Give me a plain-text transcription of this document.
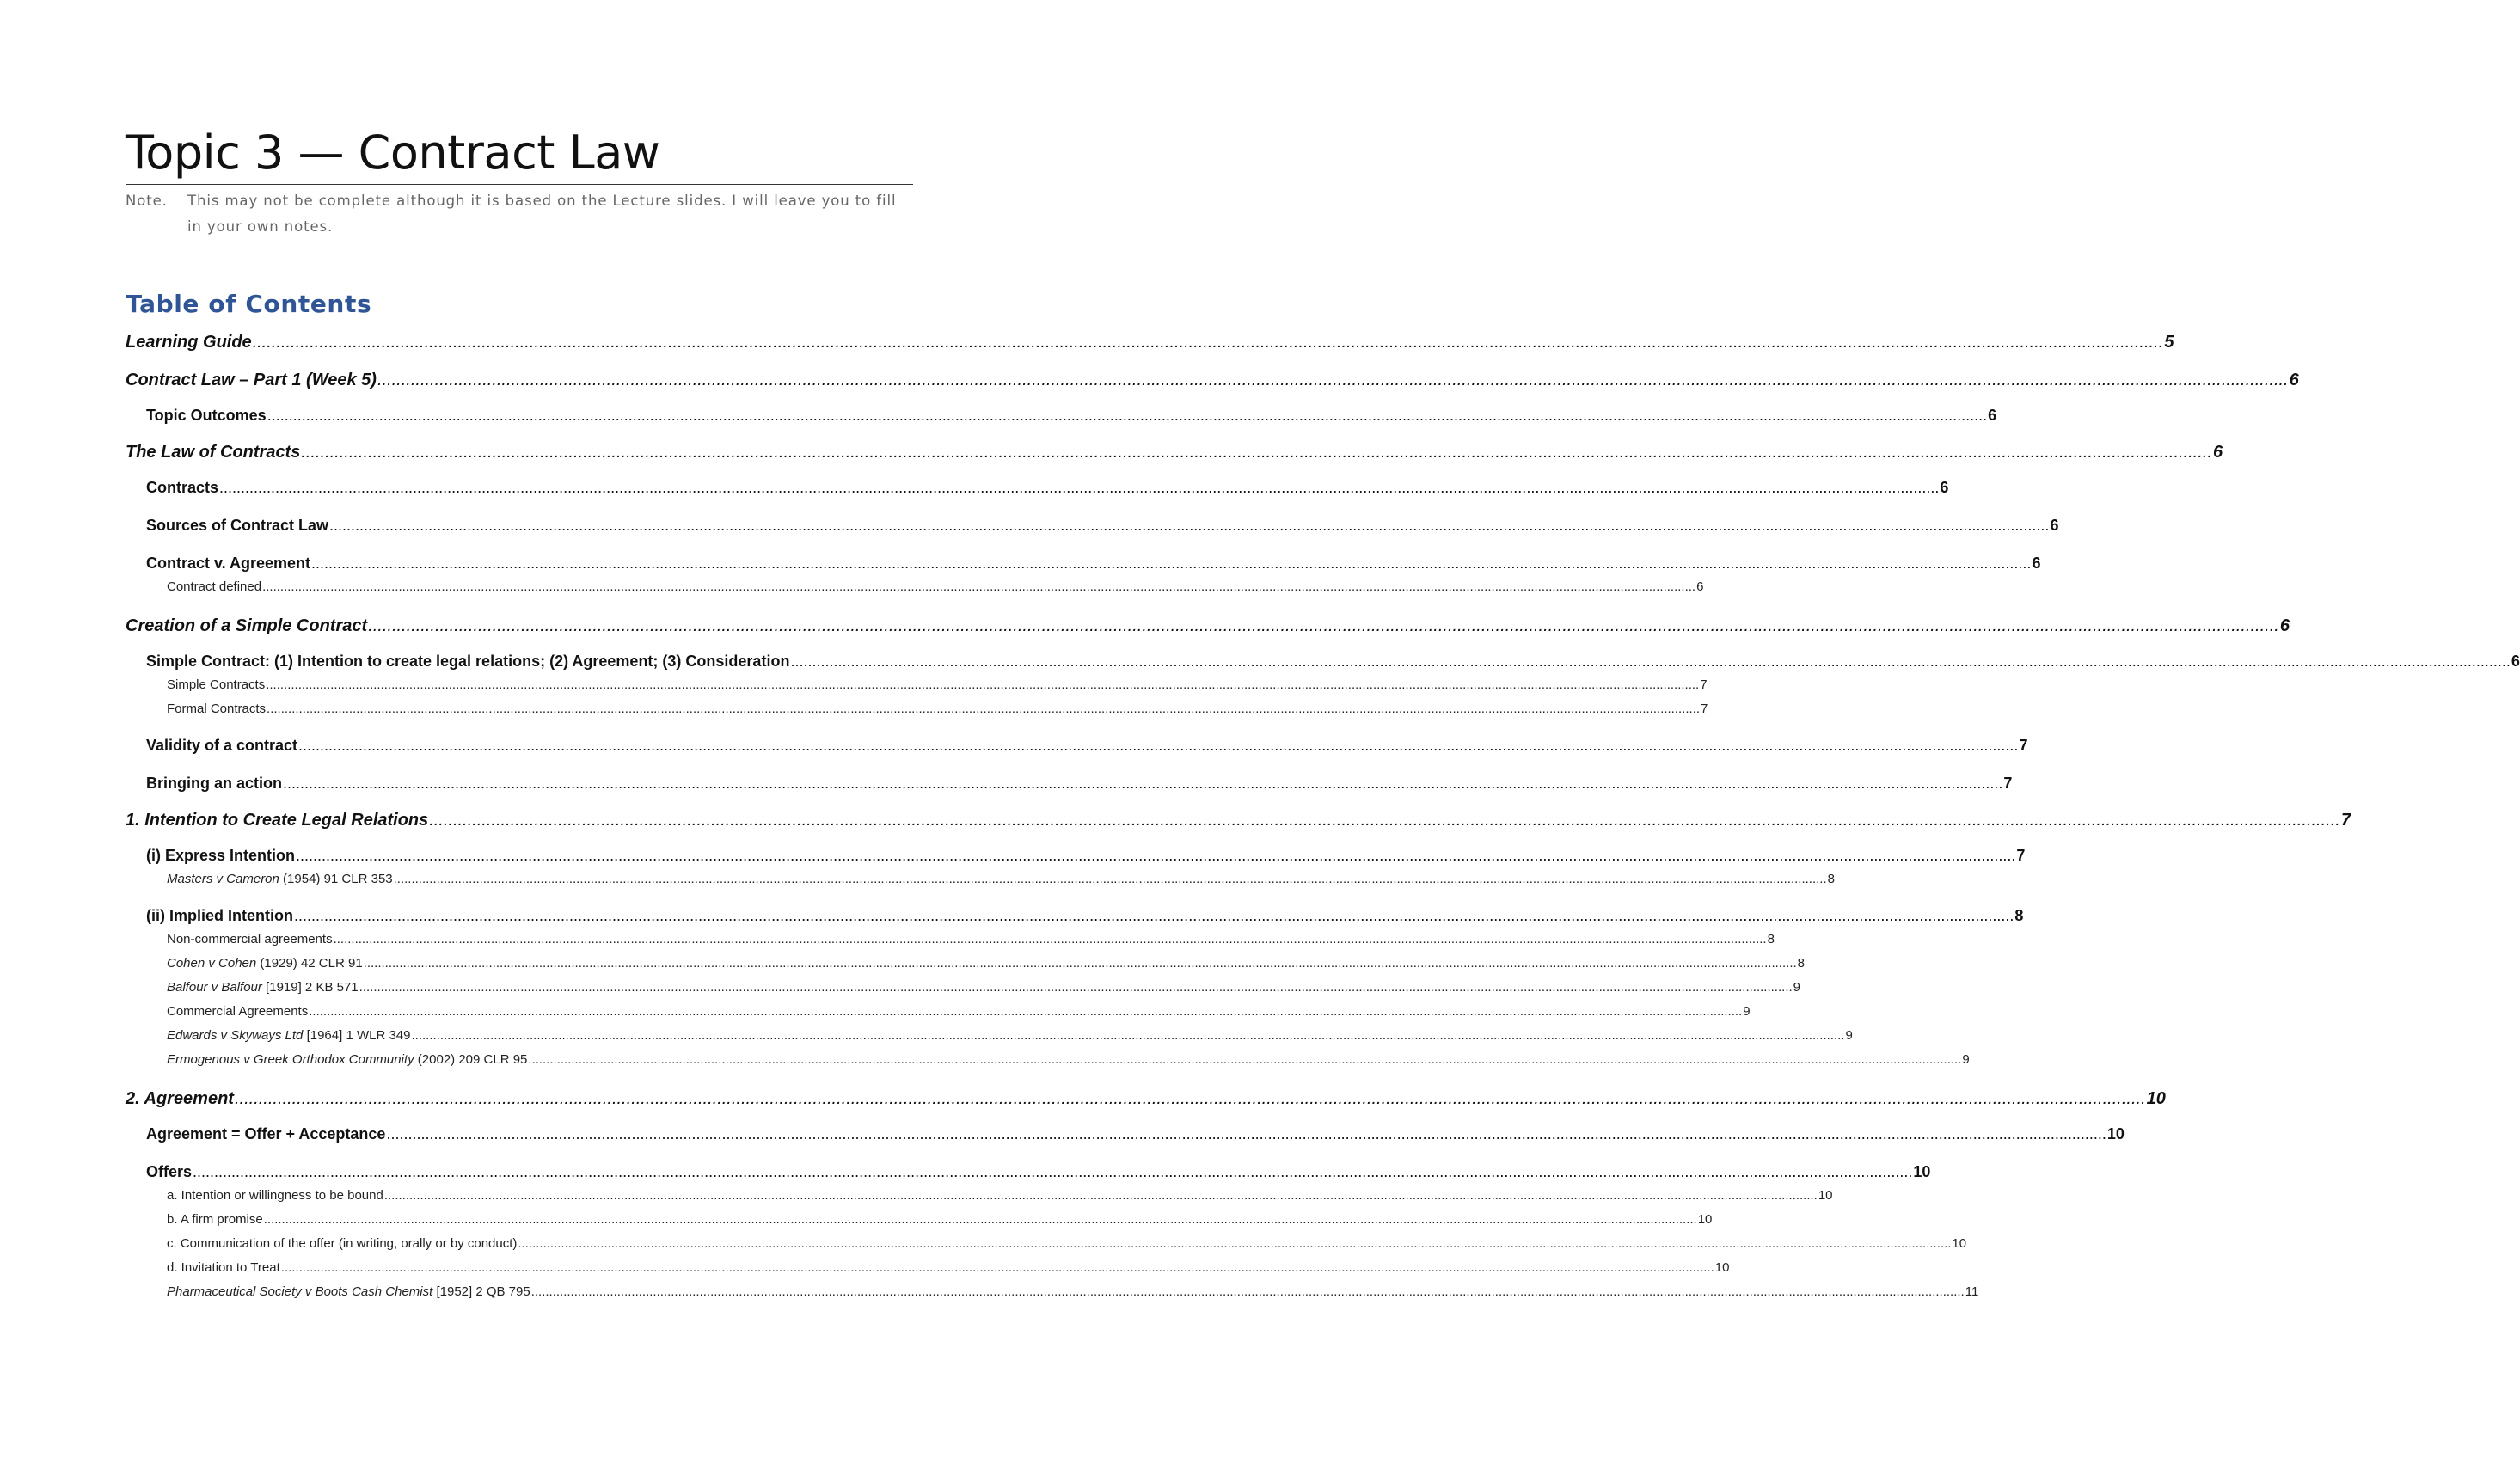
Topic 3 — Contract Law
Note.	This may not be complete although it is based on the Lecture slides. I will leave you to fill in your own notes.
Table of Contents
Learning Guide ................................................................................................................................................................................................................................................................................................................................................................................................................ 5
Contract Law – Part 1 (Week 5) ................................................................................................................................................................................................................................................................................................................................................................................................................ 6
Topic Outcomes ................................................................................................................................................................................................................................................................................................................................................................................................................ 6
The Law of Contracts ................................................................................................................................................................................................................................................................................................................................................................................................................ 6
Contracts ................................................................................................................................................................................................................................................................................................................................................................................................................ 6
Sources of Contract Law ................................................................................................................................................................................................................................................................................................................................................................................................................ 6
Contract v. Agreement ................................................................................................................................................................................................................................................................................................................................................................................................................ 6
Contract defined ................................................................................................................................................................................................................................................................................................................................................................................................................ 6
Creation of a Simple Contract ................................................................................................................................................................................................................................................................................................................................................................................................................ 6
Simple Contract: (1) Intention to create legal relations; (2) Agreement; (3) Consideration ................................................................................................................................................................................................................................................................................................................................................................................................................ 6
Simple Contracts ................................................................................................................................................................................................................................................................................................................................................................................................................ 7
Formal Contracts ................................................................................................................................................................................................................................................................................................................................................................................................................ 7
Validity of a contract ................................................................................................................................................................................................................................................................................................................................................................................................................ 7
Bringing an action ................................................................................................................................................................................................................................................................................................................................................................................................................ 7
1. Intention to Create Legal Relations ................................................................................................................................................................................................................................................................................................................................................................................................................ 7
(i) Express Intention ................................................................................................................................................................................................................................................................................................................................................................................................................ 7
Masters v Cameron (1954) 91 CLR 353 ................................................................................................................................................................................................................................................................................................................................................................................................................ 8
(ii) Implied Intention ................................................................................................................................................................................................................................................................................................................................................................................................................ 8
Non-commercial agreements ................................................................................................................................................................................................................................................................................................................................................................................................................ 8
Cohen v Cohen (1929) 42 CLR 91 ................................................................................................................................................................................................................................................................................................................................................................................................................ 8
Balfour v Balfour [1919] 2 KB 571 ................................................................................................................................................................................................................................................................................................................................................................................................................ 9
Commercial Agreements ................................................................................................................................................................................................................................................................................................................................................................................................................ 9
Edwards v Skyways Ltd [1964] 1 WLR 349 ................................................................................................................................................................................................................................................................................................................................................................................................................ 9
Ermogenous v Greek Orthodox Community (2002) 209 CLR 95 ................................................................................................................................................................................................................................................................................................................................................................................................................ 9
2. Agreement ................................................................................................................................................................................................................................................................................................................................................................................................................ 10
Agreement = Offer + Acceptance ................................................................................................................................................................................................................................................................................................................................................................................................................ 10
Offers ................................................................................................................................................................................................................................................................................................................................................................................................................ 10
a. Intention or willingness to be bound ................................................................................................................................................................................................................................................................................................................................................................................................................ 10
b. A firm promise ................................................................................................................................................................................................................................................................................................................................................................................................................ 10
c. Communication of the offer (in writing, orally or by conduct) ................................................................................................................................................................................................................................................................................................................................................................................................................ 10
d. Invitation to Treat ................................................................................................................................................................................................................................................................................................................................................................................................................ 10
Pharmaceutical Society v Boots Cash Chemist [1952] 2 QB 795 ................................................................................................................................................................................................................................................................................................................................................................................................................ 11
